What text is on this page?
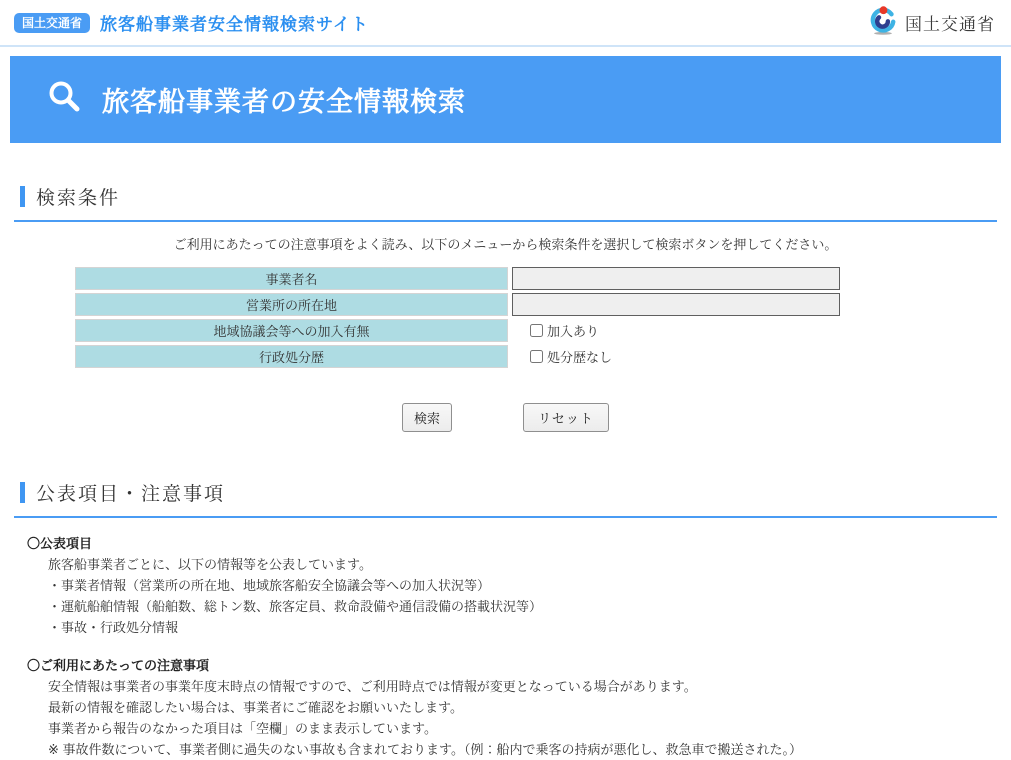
国土交通省	旅客船事業者安全情報検索サイト	国土交通省
旅客船事業者の安全情報検索
検索条件

ご利用にあたっての注意事項をよく読み、以下のメニューから検索条件を選択して検索ボタンを押してください。

事業者名
営業所の所在地
地域協議会等への加入有無	加入あり
行政処分歴	処分歴なし
検索	リセット
公表項目・注意事項
〇公表項目
旅客船事業者ごとに、以下の情報等を公表しています。
・事業者情報（営業所の所在地、地域旅客船安全協議会等への加入状況等）
・運航船舶情報（船舶数、総トン数、旅客定員、救命設備や通信設備の搭載状況等）
・事故・行政処分情報
〇ご利用にあたっての注意事項
安全情報は事業者の事業年度末時点の情報ですので、ご利用時点では情報が変更となっている場合があります。
最新の情報を確認したい場合は、事業者にご確認をお願いいたします。
事業者から報告のなかった項目は「空欄」のまま表示しています。
※ 事故件数について、事業者側に過失のない事故も含まれております。（例：船内で乗客の持病が悪化し、救急車で搬送された。）
